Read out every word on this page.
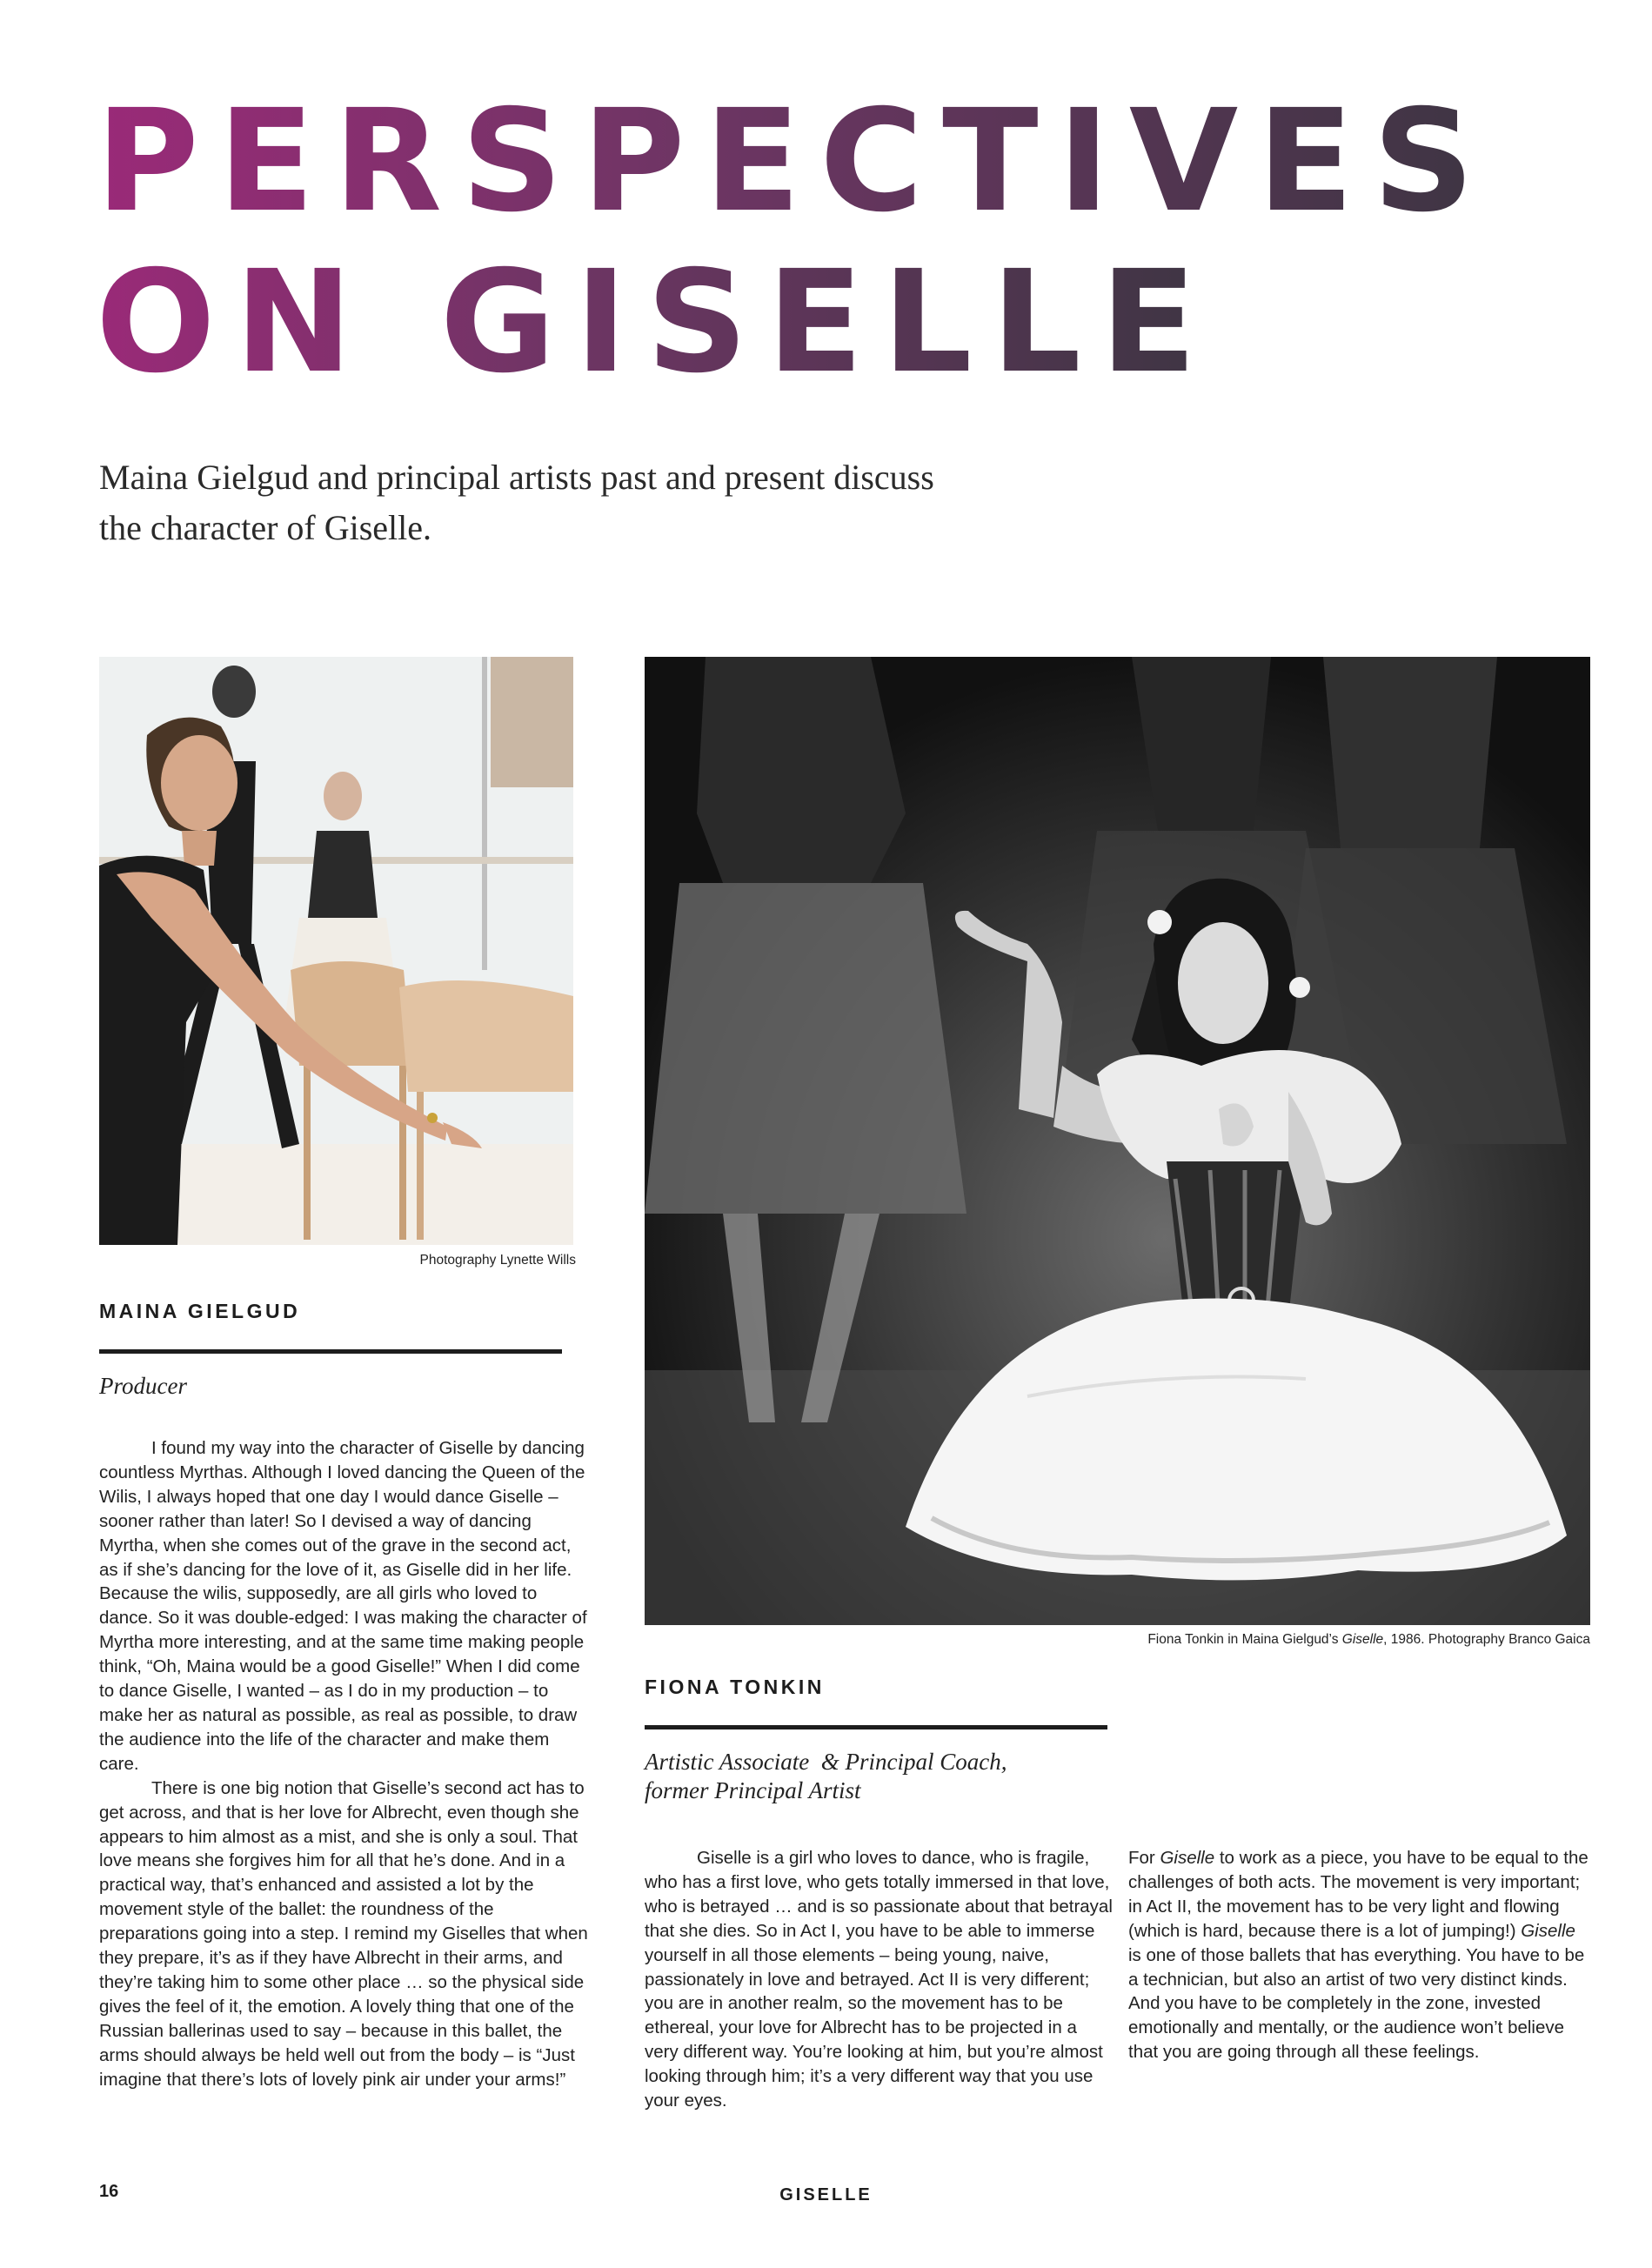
PERSPECTIVES
ON GISELLE

Maina Gielgud and principal artists past and present discuss the character of Giselle.

Photography Lynette Wills
MAINA GIELGUD
Producer

I found my way into the character of Giselle by dancing countless Myrthas. Although I loved dancing the Queen of the Wilis, I always hoped that one day I would dance Giselle – sooner rather than later! So I devised a way of dancing Myrtha, when she comes out of the grave in the second act, as if she’s dancing for the love of it, as Giselle did in her life. Because the wilis, supposedly, are all girls who loved to dance. So it was double-edged: I was making the character of Myrtha more interesting, and at the same time making people think, “Oh, Maina would be a good Giselle!” When I did come to dance Giselle, I wanted – as I do in my production – to make her as natural as possible, as real as possible, to draw the audience into the life of the character and make them care.

There is one big notion that Giselle’s second act has to get across, and that is her love for Albrecht, even though she appears to him almost as a mist, and she is only a soul. That love means she forgives him for all that he’s done. And in a practical way, that’s enhanced and assisted a lot by the movement style of the ballet: the roundness of the preparations going into a step. I remind my Giselles that when they prepare, it’s as if they have Albrecht in their arms, and they’re taking him to some other place … so the physical side gives the feel of it, the emotion. A lovely thing that one of the Russian ballerinas used to say – because in this ballet, the arms should always be held well out from the body – is “Just imagine that there’s lots of lovely pink air under your arms!”

Fiona Tonkin in Maina Gielgud’s Giselle, 1986. Photography Branco Gaica
FIONA TONKIN
Artistic Associate  & Principal Coach,
former Principal Artist

Giselle is a girl who loves to dance, who is fragile, who has a first love, who gets totally immersed in that love, who is betrayed … and is so passionate about that betrayal that she dies. So in Act I, you have to be able to immerse yourself in all those elements – being young, naive, passionately in love and betrayed. Act II is very different; you are in another realm, so the movement has to be ethereal, your love for Albrecht has to be projected in a very different way. You’re looking at him, but you’re almost looking through him; it’s a very different way that you use your eyes.

For Giselle to work as a piece, you have to be equal to the challenges of both acts. The movement is very important; in Act II, the movement has to be very light and flowing (which is hard, because there is a lot of jumping!) Giselle is one of those ballets that has everything. You have to be a technician, but also an artist of two very distinct kinds. And you have to be completely in the zone, invested emotionally and mentally, or the audience won’t believe that you are going through all these feelings.

16	GISELLE
